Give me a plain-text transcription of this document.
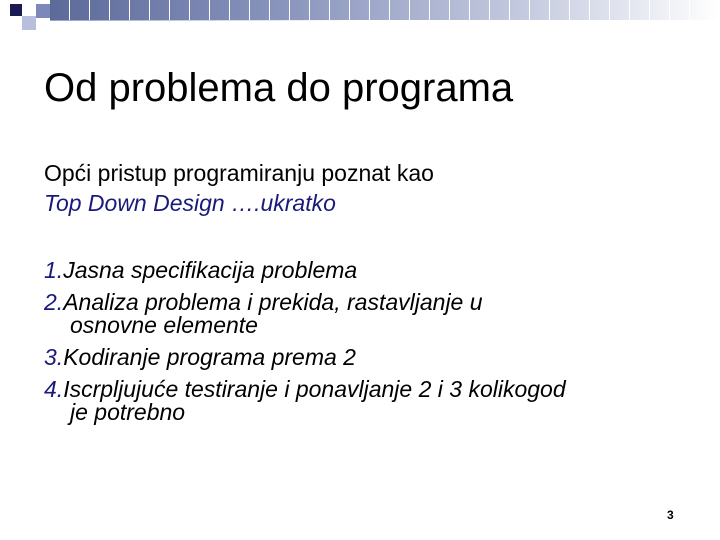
Od problema do programa
Opći pristup programiranju poznat kao
Top Down Design ….ukratko
1.Jasna specifikacija problema
2.Analiza problema i prekida, rastavljanje u
osnovne elemente
3.Kodiranje programa prema 2
4.Iscrpljujuće testiranje i ponavljanje 2 i 3 kolikogod
je potrebno
3
